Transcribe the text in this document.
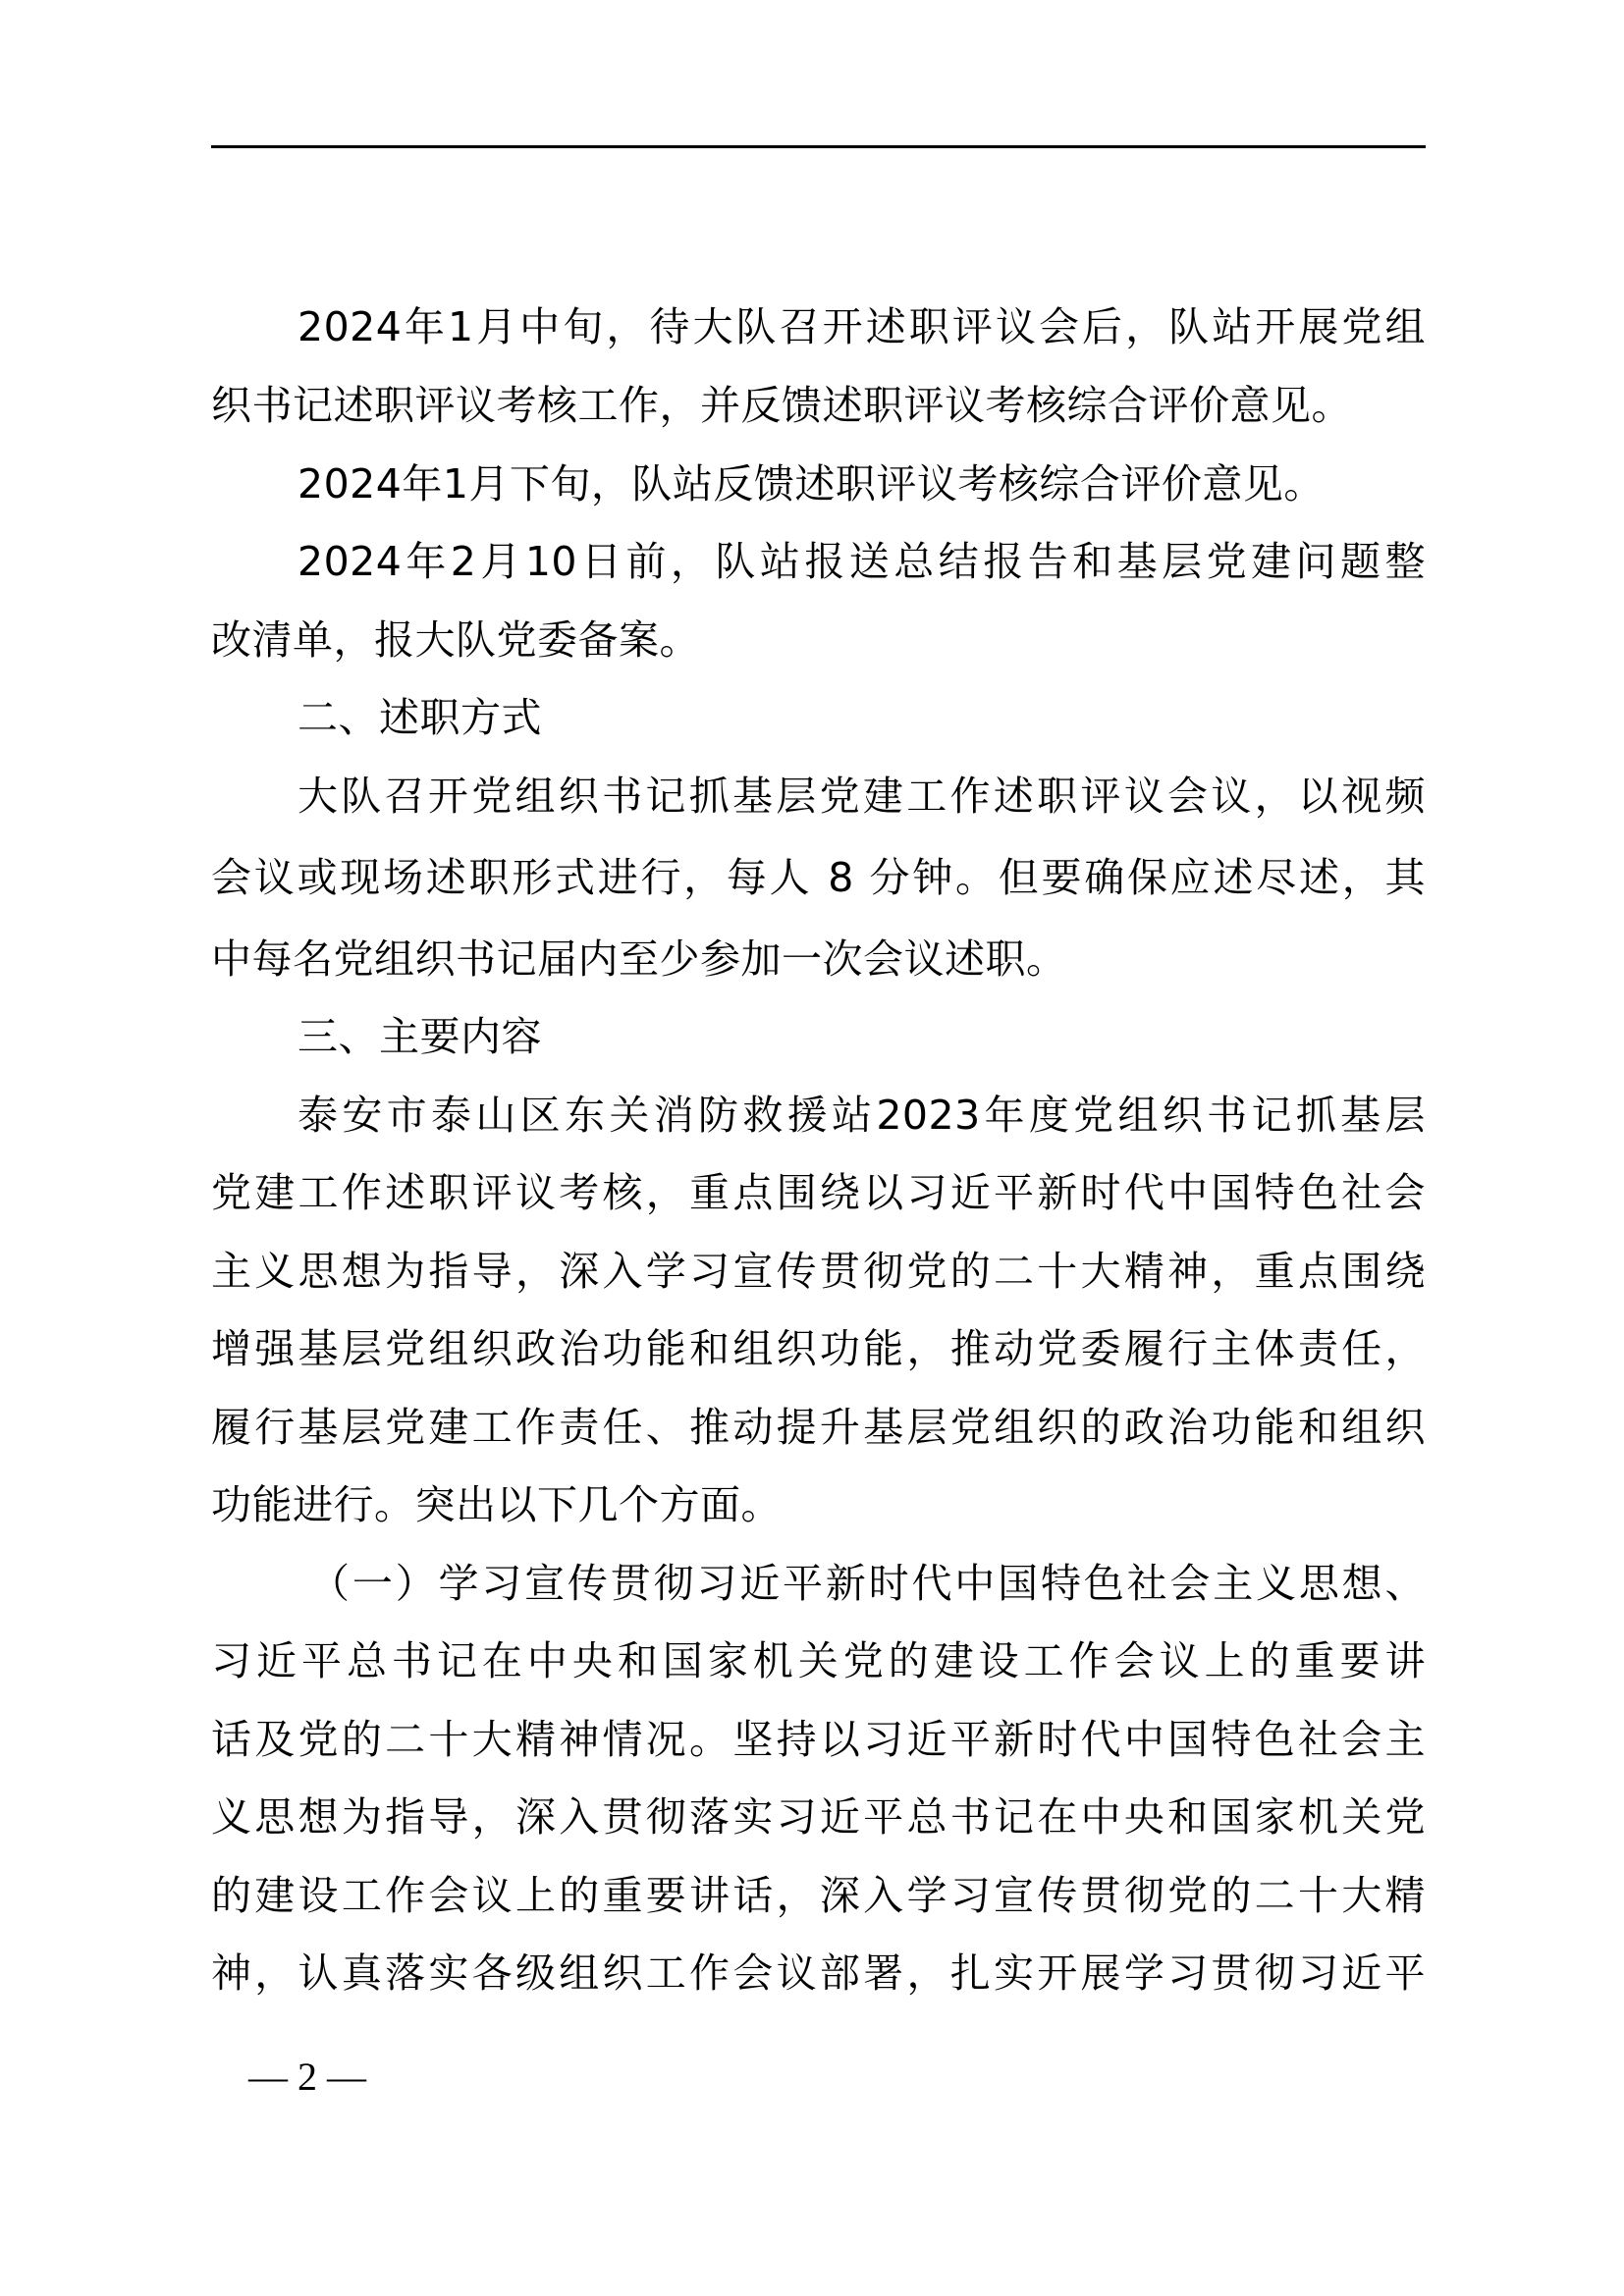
2024年1月中旬，待大队召开述职评议会后，队站开展党组
织书记述职评议考核工作，并反馈述职评议考核综合评价意见。
2024年1月下旬，队站反馈述职评议考核综合评价意见。
2024年2月10日前，队站报送总结报告和基层党建问题整
改清单，报大队党委备案。
二、述职方式
大队召开党组织书记抓基层党建工作述职评议会议，以视频
会议或现场述职形式进行，每人 8 分钟。但要确保应述尽述，其
中每名党组织书记届内至少参加一次会议述职。
三、主要内容
泰安市泰山区东关消防救援站2023年度党组织书记抓基层
党建工作述职评议考核，重点围绕以习近平新时代中国特色社会
主义思想为指导，深入学习宣传贯彻党的二十大精神，重点围绕
增强基层党组织政治功能和组织功能，推动党委履行主体责任，
履行基层党建工作责任、推动提升基层党组织的政治功能和组织
功能进行。突出以下几个方面。
（一）学习宣传贯彻习近平新时代中国特色社会主义思想、
习近平总书记在中央和国家机关党的建设工作会议上的重要讲
话及党的二十大精神情况。坚持以习近平新时代中国特色社会主
义思想为指导，深入贯彻落实习近平总书记在中央和国家机关党
的建设工作会议上的重要讲话，深入学习宣传贯彻党的二十大精
神，认真落实各级组织工作会议部署，扎实开展学习贯彻习近平
— 2 —
